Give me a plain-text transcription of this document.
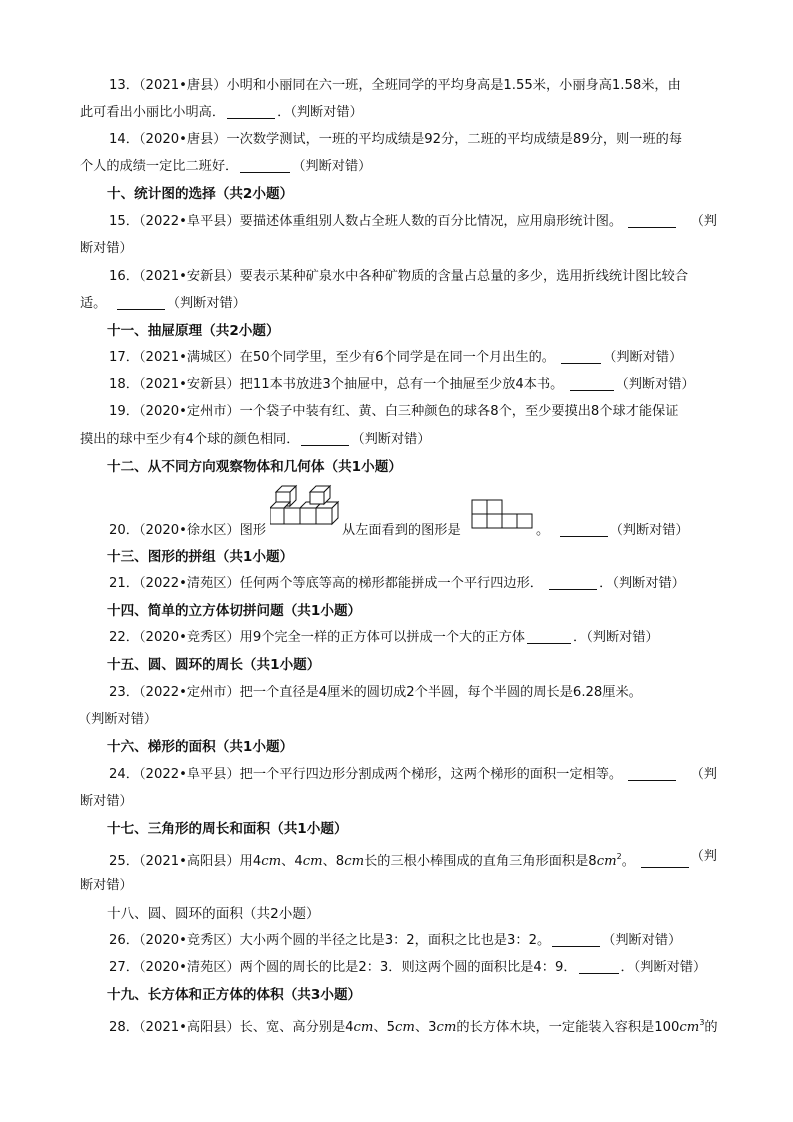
13．（2021•唐县）小明和小丽同在六一班，全班同学的平均身高是1.55米，小丽身高1.58米，由
此可看出小丽比小明高．	．（判断对错）
14．（2020•唐县）一次数学测试，一班的平均成绩是92分，二班的平均成绩是89分，则一班的每
个人的成绩一定比二班好．	（判断对错）
十、统计图的选择（共2小题）
15．（2022•阜平县）要描述体重组别人数占全班人数的百分比情况，应用扇形统计图。	（判
断对错）
16．（2021•安新县）要表示某种矿泉水中各种矿物质的含量占总量的多少，选用折线统计图比较合
适。	（判断对错）
十一、抽屉原理（共2小题）
17．（2021•满城区）在50个同学里，至少有6个同学是在同一个月出生的。	（判断对错）
18．（2021•安新县）把11本书放进3个抽屉中，总有一个抽屉至少放4本书。	（判断对错）
19．（2020•定州市）一个袋子中装有红、黄、白三种颜色的球各8个，至少要摸出8个球才能保证
摸出的球中至少有4个球的颜色相同．	（判断对错）
十二、从不同方向观察物体和几何体（共1小题）
20．（2020•徐水区）图形	从左面看到的图形是	。	（判断对错）
十三、图形的拼组（共1小题）
21．（2022•清苑区）任何两个等底等高的梯形都能拼成一个平行四边形．	．（判断对错）
十四、简单的立方体切拼问题（共1小题）
22．（2020•竞秀区）用9个完全一样的正方体可以拼成一个大的正方体	．（判断对错）
十五、圆、圆环的周长（共1小题）
23．（2022•定州市）把一个直径是4厘米的圆切成2个半圆，每个半圆的周长是6.28厘米。
（判断对错）
十六、梯形的面积（共1小题）
24．（2022•阜平县）把一个平行四边形分割成两个梯形，这两个梯形的面积一定相等。	（判
断对错）
十七、三角形的周长和面积（共1小题）
25．（2021•高阳县）用4cm、4cm、8cm长的三根小棒围成的直角三角形面积是$8cm^2$。	（判
断对错）
十八、圆、圆环的面积（共2小题）
26．（2020•竞秀区）大小两个圆的半径之比是3：2，面积之比也是3：2。	（判断对错）
27．（2020•清苑区）两个圆的周长的比是2：3．则这两个圆的面积比是4：9．	．（判断对错）
十九、长方体和正方体的体积（共3小题）
28．（2021•高阳县）长、宽、高分别是4cm、5cm、3cm的长方体木块，一定能装入容积是$100cm^3$的
